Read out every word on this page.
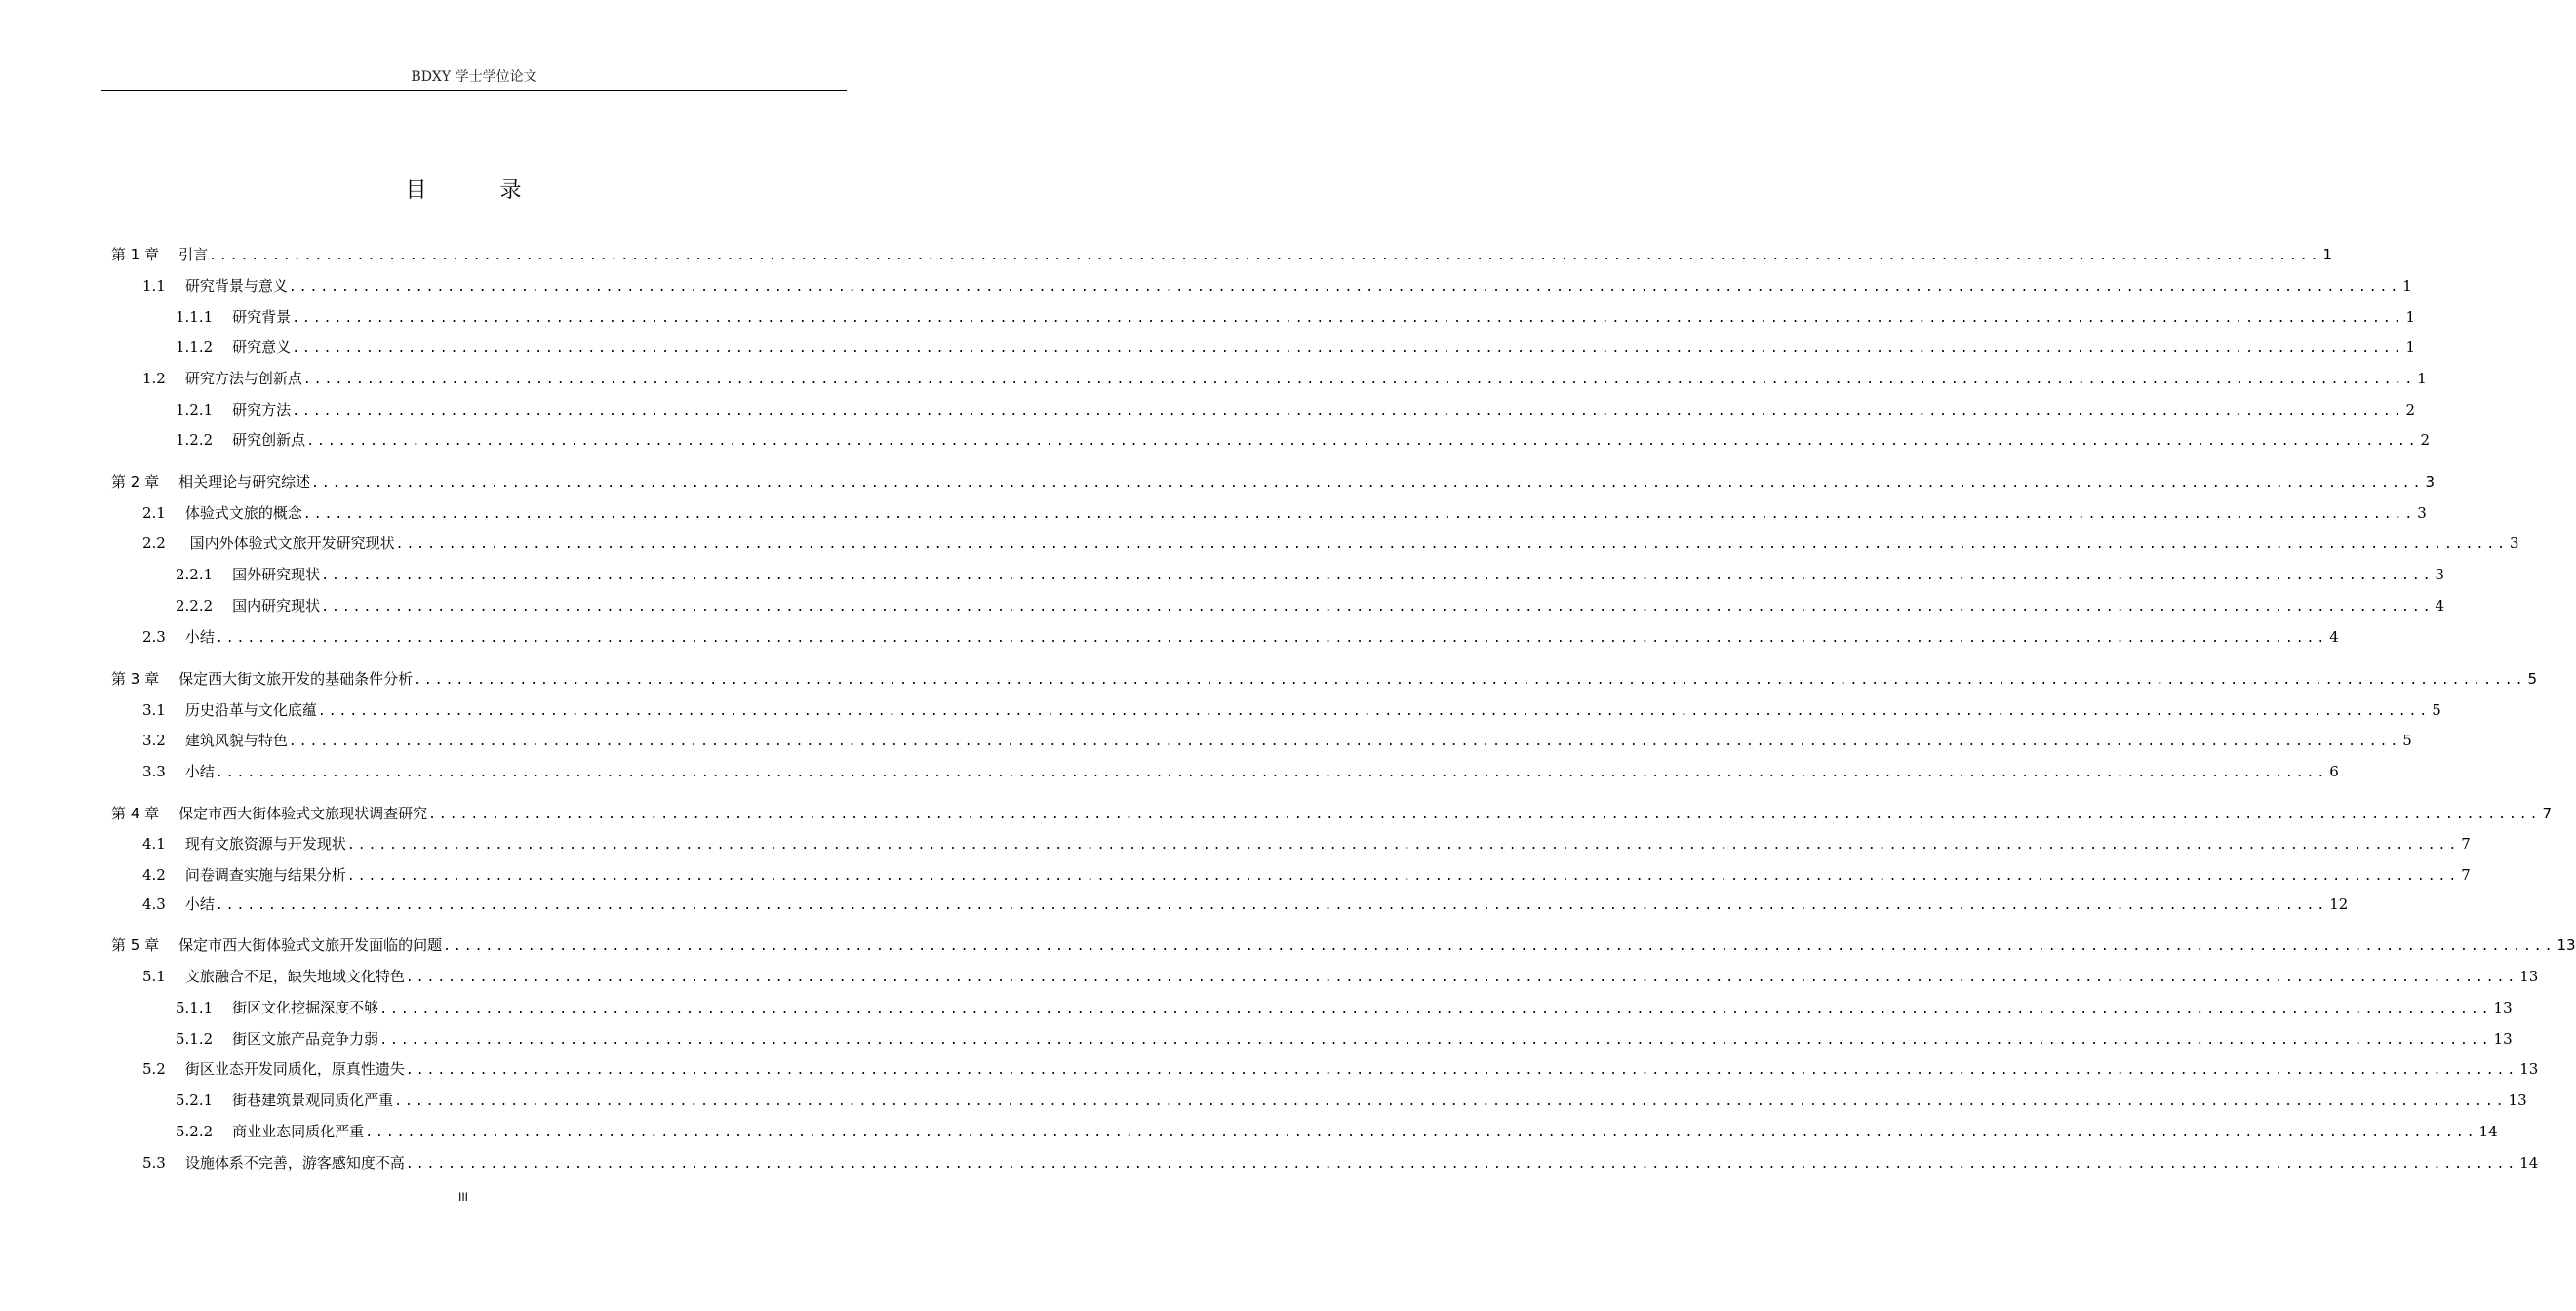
BDXY 学士学位论文
目 录
第 1 章 引言 ........................................................................................................................................................................................................ 1
1.1 研究背景与意义 ........................................................................................................................................................................................................ 1
1.1.1 研究背景 ........................................................................................................................................................................................................ 1
1.1.2 研究意义 ........................................................................................................................................................................................................ 1
1.2 研究方法与创新点 ........................................................................................................................................................................................................ 1
1.2.1 研究方法 ........................................................................................................................................................................................................ 2
1.2.2 研究创新点 ........................................................................................................................................................................................................ 2
第 2 章 相关理论与研究综述 ........................................................................................................................................................................................................ 3
2.1 体验式文旅的概念 ........................................................................................................................................................................................................ 3
2.2 国内外体验式文旅开发研究现状 ........................................................................................................................................................................................................ 3
2.2.1 国外研究现状 ........................................................................................................................................................................................................ 3
2.2.2 国内研究现状 ........................................................................................................................................................................................................ 4
2.3 小结 ........................................................................................................................................................................................................ 4
第 3 章 保定西大街文旅开发的基础条件分析 ........................................................................................................................................................................................................ 5
3.1 历史沿革与文化底蕴 ........................................................................................................................................................................................................ 5
3.2 建筑风貌与特色 ........................................................................................................................................................................................................ 5
3.3 小结 ........................................................................................................................................................................................................ 6
第 4 章 保定市西大街体验式文旅现状调查研究 ........................................................................................................................................................................................................ 7
4.1 现有文旅资源与开发现状 ........................................................................................................................................................................................................ 7
4.2 问卷调查实施与结果分析 ........................................................................................................................................................................................................ 7
4.3 小结 ........................................................................................................................................................................................................ 12
第 5 章 保定市西大街体验式文旅开发面临的问题 ........................................................................................................................................................................................................ 13
5.1 文旅融合不足，缺失地域文化特色 ........................................................................................................................................................................................................ 13
5.1.1 街区文化挖掘深度不够 ........................................................................................................................................................................................................ 13
5.1.2 街区文旅产品竞争力弱 ........................................................................................................................................................................................................ 13
5.2 街区业态开发同质化，原真性遗失 ........................................................................................................................................................................................................ 13
5.2.1 街巷建筑景观同质化严重 ........................................................................................................................................................................................................ 13
5.2.2 商业业态同质化严重 ........................................................................................................................................................................................................ 14
5.3 设施体系不完善，游客感知度不高 ........................................................................................................................................................................................................ 14
III
